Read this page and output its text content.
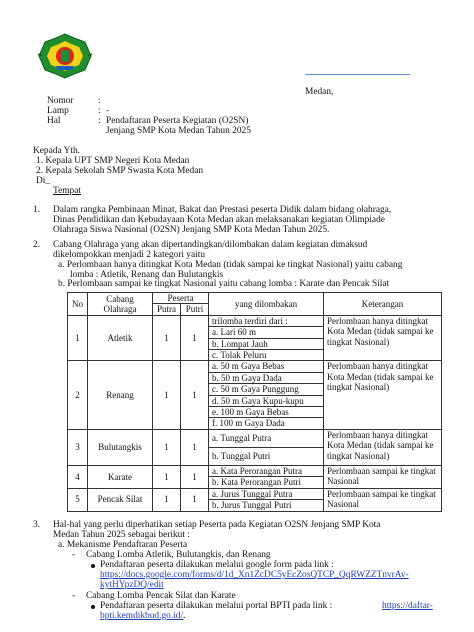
Medan,
Nomor	:
Lamp	: -
Hal	: Pendaftaran Peserta Kegiatan (O2SN)
Jenjang SMP Kota Medan Tahun 2025
Kepada Yth.
1. Kepala UPT SMP Negeri Kota Medan
2. Kepala Sekolah SMP Swasta Kota Medan
Di_
Tempat
1. Dalam rangka Pembinaan Minat, Bakat dan Prestasi peserta Didik dalam bidang olahraga,
Dinas Pendidikan dan Kebudayaan Kota Medan akan melaksanakan kegiatan Olimpiade
Olahraga Siswa Nasional (O2SN) Jenjang SMP Kota Medan Tahun 2025.
2. Cabang Olahraga yang akan dipertandingkan/dilombakan dalam kegiatan dimaksud
dikelompokkan menjadi 2 kategori yaitu
a. Perlombaan hanya ditingkat Kota Medan (tidak sampai ke tingkat Nasional) yaitu cabang
lomba : Atletik, Renang dan Bulutangkis
b. Perlombaan sampai ke tingkat Nasional yaitu cabang lomba : Karate dan Pencak Silat
No	Cabang Olahraga	Peserta		yang dilombakan	Keterangan
		Putra	Putri		
1	Atletik	1	1	trilomba terdiri dari :	Perlombaan hanya ditingkat Kota Medan (tidak sampai ke tingkat Nasional)
				a. Lari 60 m	
				b. Lompat Jauh	
				c. Tolak Peluru	
2	Renang	1	1	a. 50 m Gaya Bebas	Perlombaan hanya ditingkat Kota Medan (tidak sampai ke tingkat Nasional)
				b. 50 m Gaya Dada	
				c. 50 m Gaya Punggung	
				d. 50 m Gaya Kupu-kupu	
				e. 100 m Gaya Bebas	
				f. 100 m Gaya Dada	
3	Bulutangkis	1	1	a. Tunggal Putra	Perlombaan hanya ditingkat Kota Medan (tidak sampai ke tingkat Nasional)
				b. Tunggal Putri	
4	Karate	1	1	a. Kata Perorangan Putra	Perlombaan sampai ke tingkat Nasional
				b. Kata Perorangan Putri	
5	Pencak Silat	1	1	a. Jurus Tunggal Putra	Perlombaan sampai ke tingkat Nasional
				b. Jurus Tunggal Putri	
3. Hal-hal yang perlu diperhatikan setiap Peserta pada Kegiatan O2SN Jenjang SMP Kota
Medan Tahun 2025 sebagai berikut :
a. Mekanisme Pendaftaran Peserta
- Cabang Lomba Atletik, Bulutangkis, dan Renang
Pendaftaran peserta dilakukan melalui google form pada link :
https://docs.google.com/forms/d/1d_Xn1ZcDC5yEcZosQTCP_QqRWZZTnvrAv-
kytHYpzDQ/edit
- Cabang Lomba Pencak Silat dan Karate
Pendaftaran peserta dilakukan melalui portal BPTI pada link :	https://daftar-
bpti.kemdikbud.go.id/.
